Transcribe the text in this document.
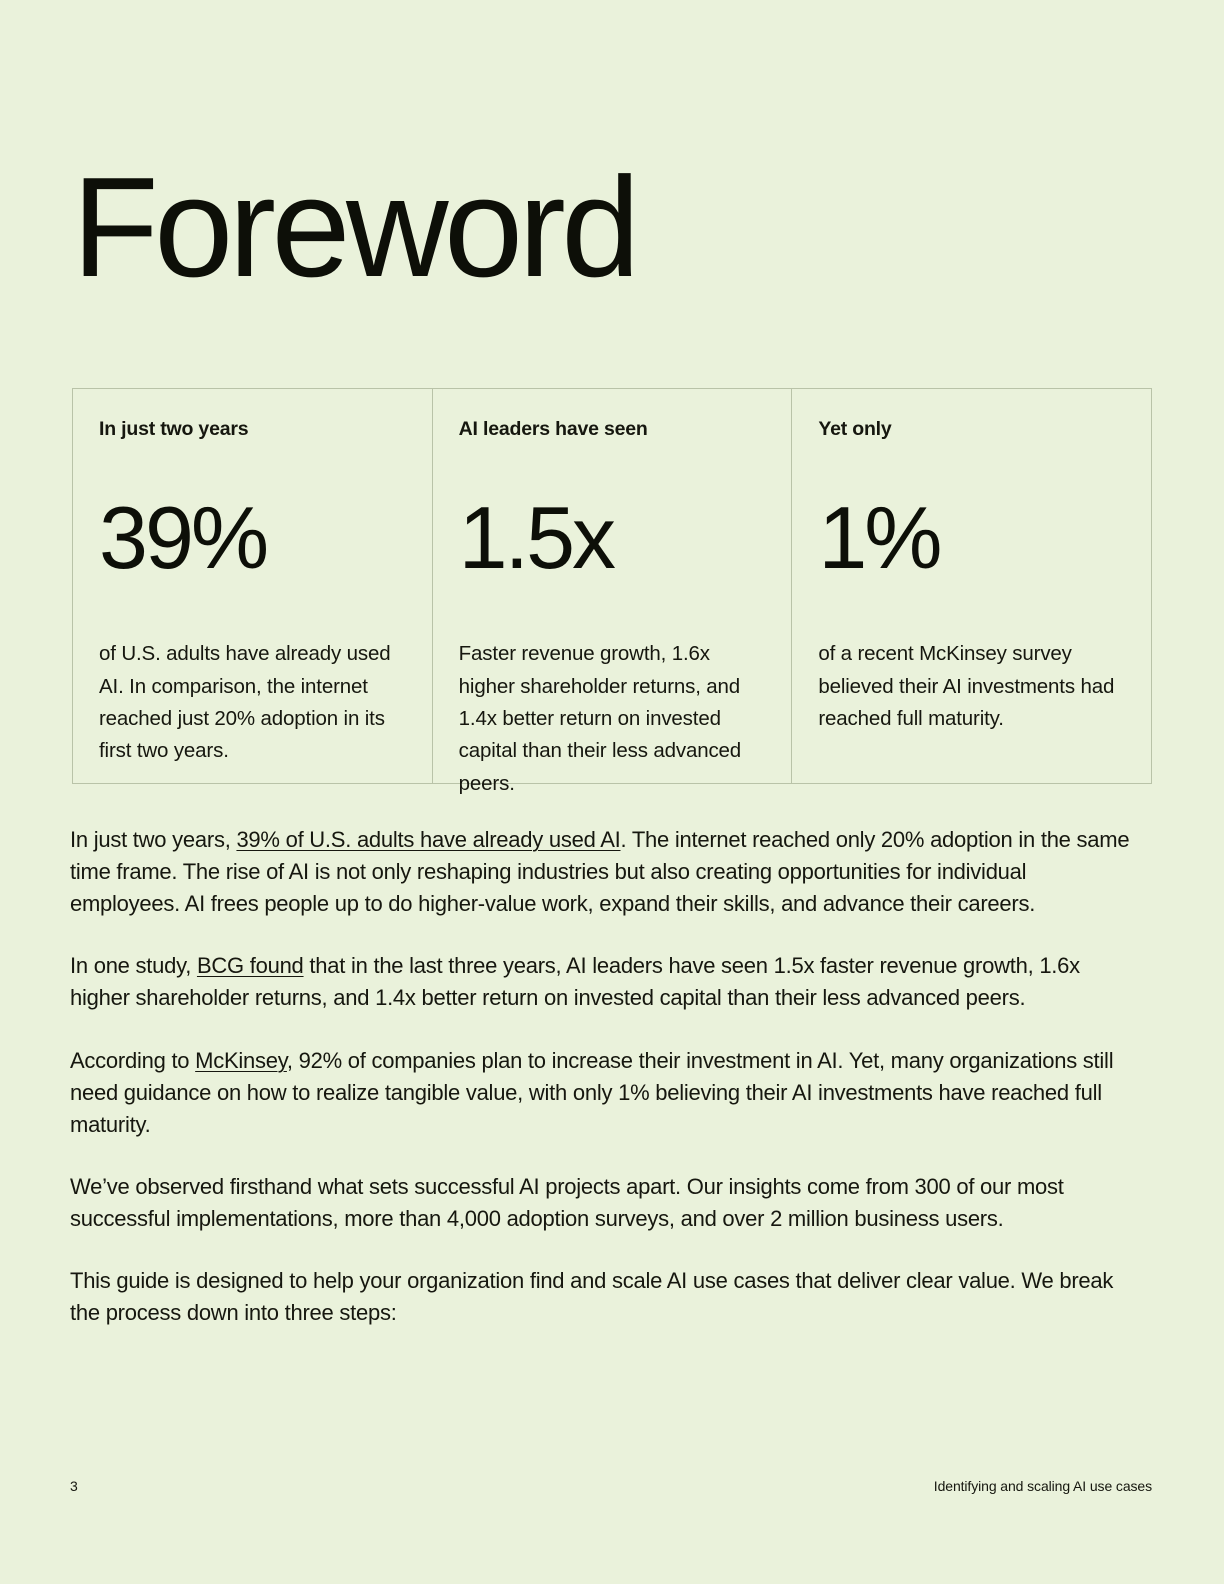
Foreword
In just two years
39%
of U.S. adults have already used AI. In comparison, the internet reached just 20% adoption in its first two years.
AI leaders have seen
1.5x
Faster revenue growth, 1.6x higher shareholder returns, and 1.4x better return on invested capital than their less advanced peers.
Yet only
1%
of a recent McKinsey survey believed their AI investments had reached full maturity.

In just two years, 39% of U.S. adults have already used AI. The internet reached only 20% adoption in the same time frame. The rise of AI is not only reshaping industries but also creating opportunities for individual employees. AI frees people up to do higher-value work, expand their skills, and advance their careers.

In one study, BCG found that in the last three years, AI leaders have seen 1.5x faster revenue growth, 1.6x higher shareholder returns, and 1.4x better return on invested capital than their less advanced peers.

According to McKinsey, 92% of companies plan to increase their investment in AI. Yet, many organizations still need guidance on how to realize tangible value, with only 1% believing their AI investments have reached full maturity.

We’ve observed firsthand what sets successful AI projects apart. Our insights come from 300 of our most successful implementations, more than 4,000 adoption surveys, and over 2 million business users.

This guide is designed to help your organization find and scale AI use cases that deliver clear value. We break the process down into three steps:

3	Identifying and scaling AI use cases
